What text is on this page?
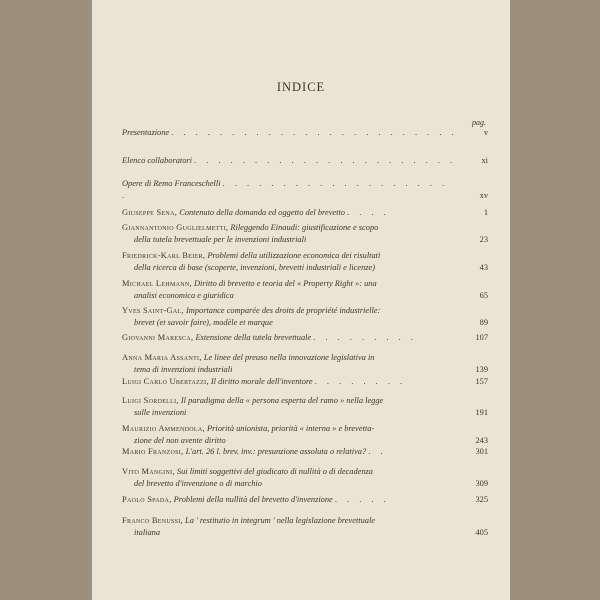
INDICE
pag.
Presentazione . . . . . . . . . . . . . . . . . . . . . . . .	v
Elenco collaboratori . . . . . . . . . . . . . . . . . . . . . .	xi
Opere di Remo Franceschelli . . . . . . . . . . . . . . . . . . . .	xv
Giuseppe Sena, Contenuto della domanda ed oggetto del brevetto . . . .	1
Giannantonio Guglielmetti, Rileggendo Einaudi: giustificazione e scopo
della tutela brevettuale per le invenzioni industriali	23
Friedrick-Karl Beier, Problemi della utilizzazione economica dei risultati
della ricerca di base (scoperte, invenzioni, brevetti industriali e licenze)	43
Michael Lehmann, Diritto di brevetto e teoria del « Property Right »: una
analisi economica e giuridica	65
Yves Saint-Gal, Importance comparée des droits de propriété industrielle:
brevet (et savoir faire), modèle et marque	89
Giovanni Maresca, Estensione della tutela brevettuale . . . . . . . . .	107
Anna Maria Assanti, Le linee del preuso nella innovazione legislativa in
tema di invenzioni industriali	139
Luigi Carlo Ubertazzi, Il diritto morale dell'inventore . . . . . . . .	157
Luigi Sordelli, Il paradigma della « persona esperta del ramo » nella legge
sulle invenzioni	191
Maurizio Ammendola, Priorità unionista, priorità « interna » e brevetta-
zione del non avente diritto	243
Mario Franzosi, L'art. 26 l. brev. inv.: presunzione assoluta o relativa? . .	301
Vito Mangini, Sui limiti soggettivi del giudicato di nullità o di decadenza
del brevetto d'invenzione o di marchio	309
Paolo Spada, Problemi della nullità del brevetto d'invenzione . . . . .	325
Franco Benussi, La ' restitutio in integrum ' nella legislazione brevettuale
italiana	405
